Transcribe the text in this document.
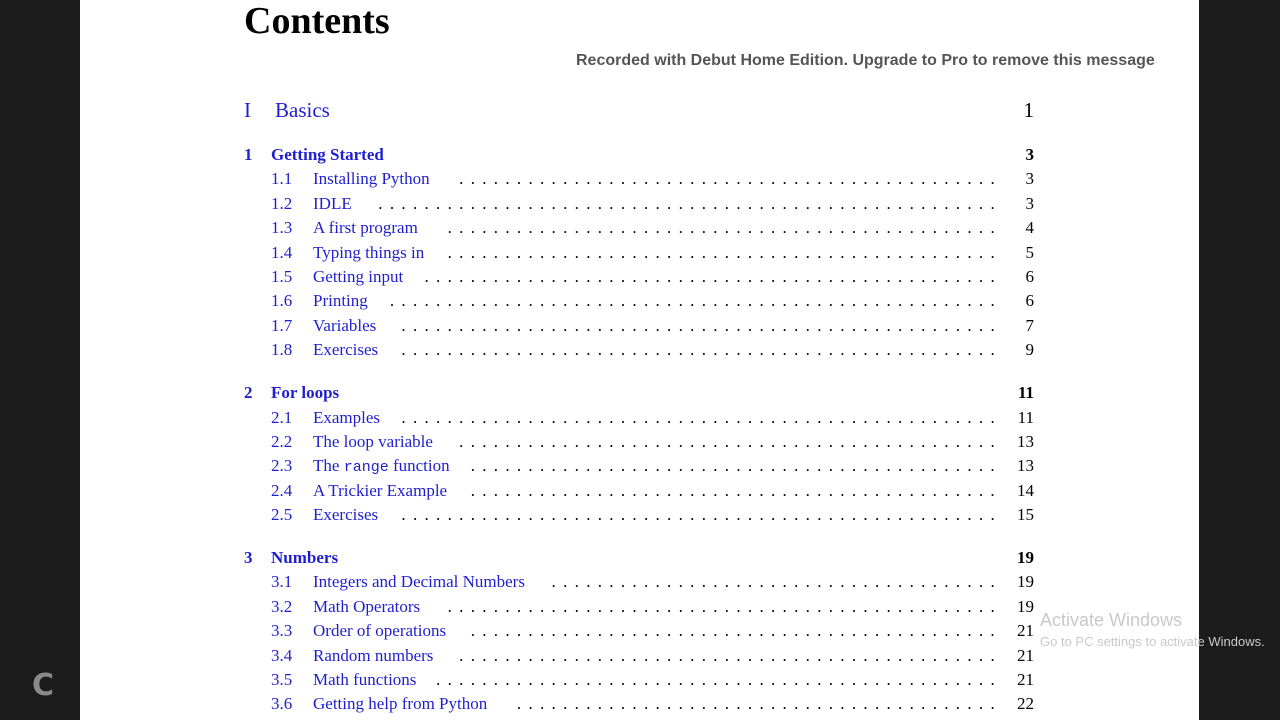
C
Contents
I Basics	1
1 Getting Started	3
1.1	Installing Python	...............................................	3
1.2	IDLE	......................................................	3
1.3	A first program	................................................	4
1.4	Typing things in	................................................	5
1.5	Getting input	..................................................	6
1.6	Printing	.....................................................	6
1.7	Variables	....................................................	7
1.8	Exercises	....................................................	9
2 For loops	11
2.1	Examples	.................................................... 11
2.2	The loop variable	............................................... 13
2.3	The range function	.............................................. 13
2.4	A Trickier Example	.............................................. 14
2.5	Exercises	.................................................... 15
3 Numbers	19
3.1	Integers and Decimal Numbers	....................................... 19
3.2	Math Operators	................................................ 19
3.3	Order of operations	.............................................. 21
3.4	Random numbers	............................................... 21
3.5	Math functions	................................................. 21
3.6	Getting help from Python	.......................................... 22
Activate Windows
Go to PC settings to activate Windows.
Recorded with Debut Home Edition. Upgrade to Pro to remove this message
